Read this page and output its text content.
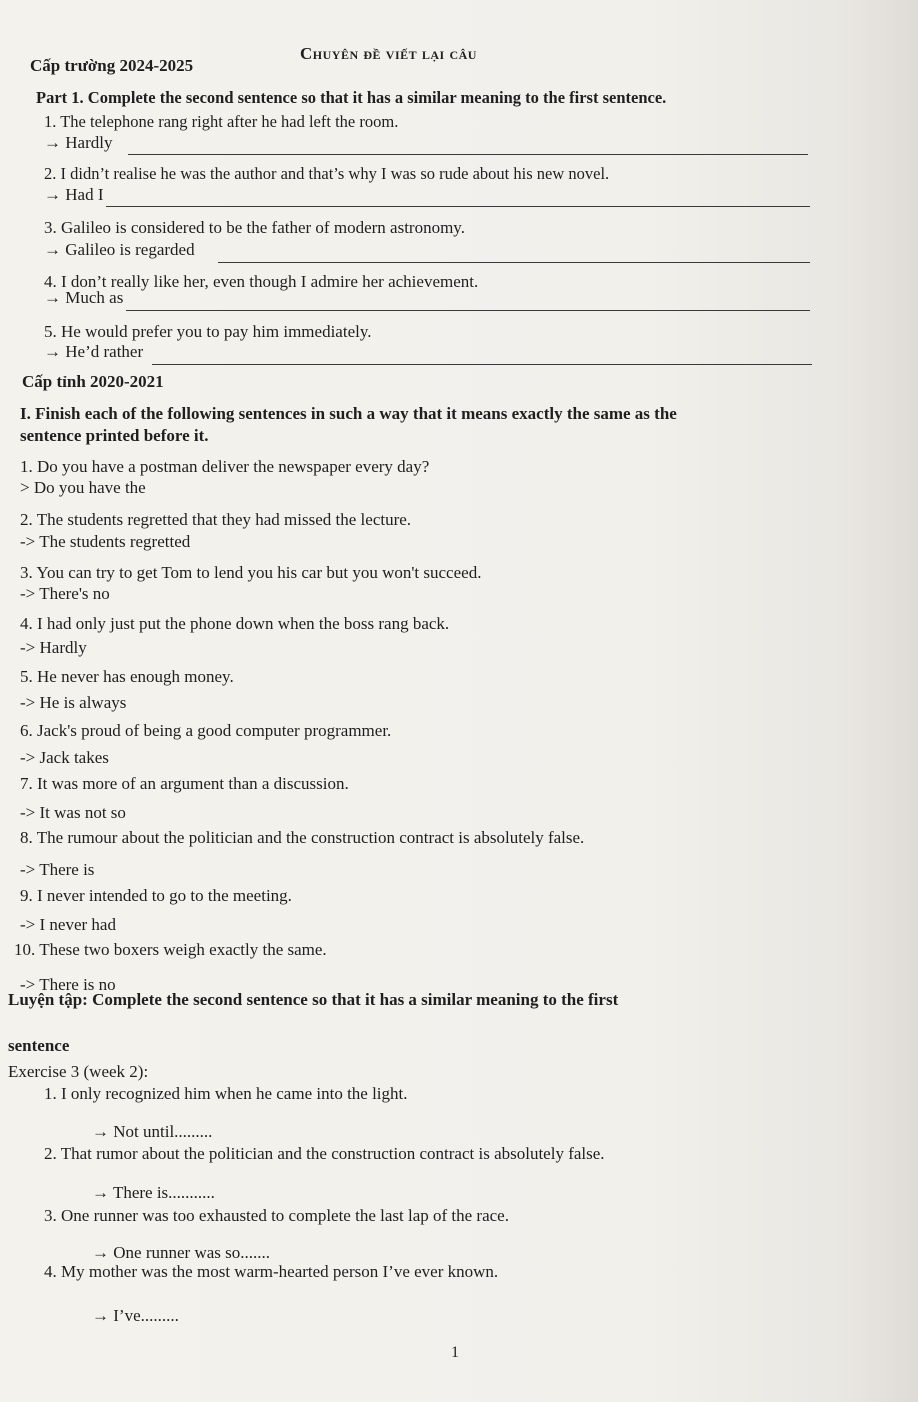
Chuyên đề viết lại câu
Cấp trường 2024-2025
Part 1. Complete the second sentence so that it has a similar meaning to the first sentence.
1. The telephone rang right after he had left the room.
→ Hardly
2. I didn’t realise he was the author and that’s why I was so rude about his new novel.
→ Had I
3. Galileo is considered to be the father of modern astronomy.
→ Galileo is regarded
4. I don’t really like her, even though I admire her achievement.
→ Much as
5. He would prefer you to pay him immediately.
→ He’d rather
Cấp tỉnh 2020-2021
I. Finish each of the following sentences in such a way that it means exactly the same as the
sentence printed before it.
1. Do you have a postman deliver the newspaper every day?
> Do you have the
2. The students regretted that they had missed the lecture.
-> The students regretted
3. You can try to get Tom to lend you his car but you won't succeed.
-> There's no
4. I had only just put the phone down when the boss rang back.
-> Hardly
5. He never has enough money.
-> He is always
6. Jack's proud of being a good computer programmer.
-> Jack takes
7. It was more of an argument than a discussion.
-> It was not so
8. The rumour about the politician and the construction contract is absolutely false.
-> There is
9. I never intended to go to the meeting.
-> I never had
10. These two boxers weigh exactly the same.
-> There is no
Luyện tập: Complete the second sentence so that it has a similar meaning to the first
sentence
Exercise 3 (week 2):
1. I only recognized him when he came into the light.
→ Not until.........
2. That rumor about the politician and the construction contract is absolutely false.
→ There is...........
3. One runner was too exhausted to complete the last lap of the race.
→ One runner was so.......
4. My mother was the most warm-hearted person I’ve ever known.
→ I’ve.........
1
